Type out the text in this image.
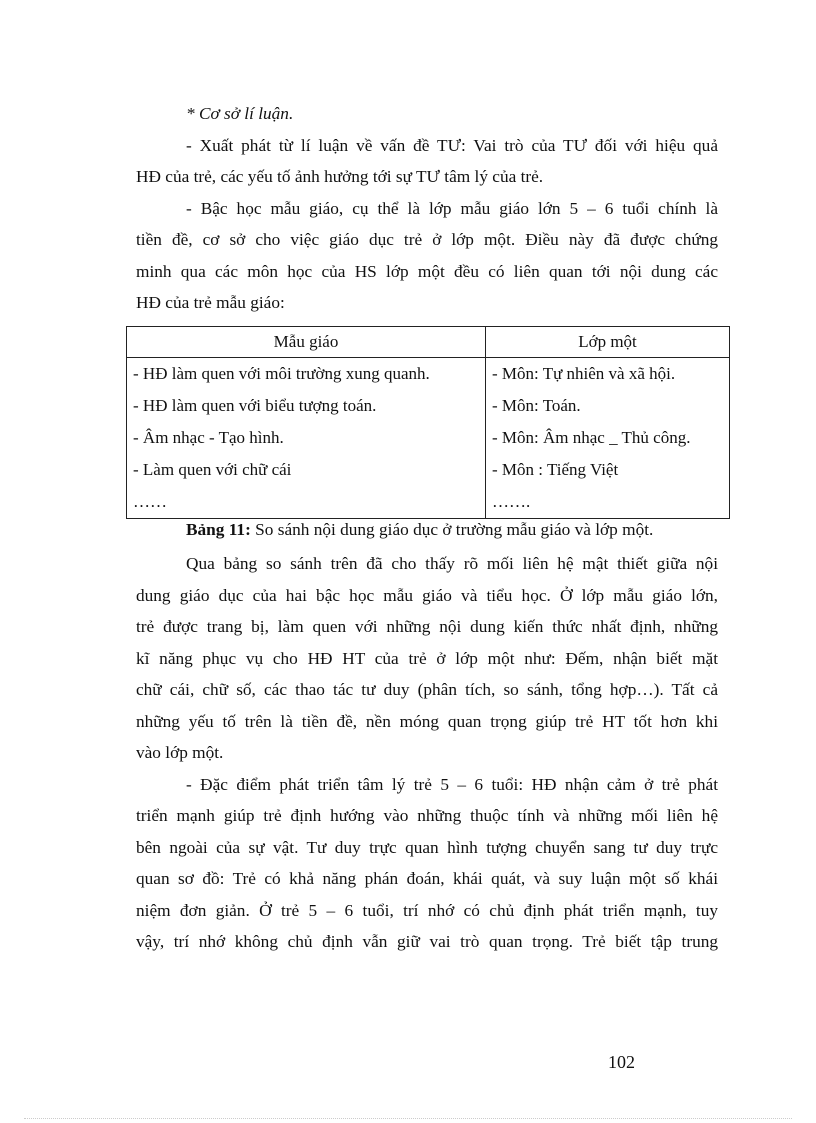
* Cơ sở lí luận.
- Xuất phát từ lí luận về vấn đề TƯ: Vai trò của TƯ đối với hiệu quả
HĐ của trẻ, các yếu tố ảnh hưởng tới sự TƯ tâm lý của trẻ.
- Bậc học mẫu giáo, cụ thể là lớp mẫu giáo lớn 5 – 6 tuổi chính là
tiền đề, cơ sở cho việc giáo dục trẻ ở lớp một. Điều này đã được chứng
minh qua các môn học của HS lớp một đều có liên quan tới nội dung các
HĐ của trẻ mẫu giáo:
Mẫu giáo	Lớp một
- HĐ làm quen với môi trường xung quanh.	- Môn: Tự nhiên và xã hội.
- HĐ làm quen với biểu tượng toán.	- Môn: Toán.
- Âm nhạc - Tạo hình.	- Môn: Âm nhạc _ Thủ công.
- Làm quen với chữ cái	- Môn : Tiếng Việt
……	…….
Bảng 11: So sánh nội dung giáo dục ở trường mẫu giáo và lớp một.
Qua bảng so sánh trên đã cho thấy rõ mối liên hệ mật thiết giữa nội
dung giáo dục của hai bậc học mẫu giáo và tiểu học. Ở lớp mẫu giáo lớn,
trẻ được trang bị, làm quen với những nội dung kiến thức nhất định, những
kĩ năng phục vụ cho HĐ HT của trẻ ở lớp một như: Đếm, nhận biết mặt
chữ cái, chữ số, các thao tác tư duy (phân tích, so sánh, tổng hợp…). Tất cả
những yếu tố trên là tiền đề, nền móng quan trọng giúp trẻ HT tốt hơn khi
vào lớp một.
- Đặc điểm phát triển tâm lý trẻ 5 – 6 tuổi: HĐ nhận cảm ở trẻ phát
triển mạnh giúp trẻ định hướng vào những thuộc tính và những mối liên hệ
bên ngoài của sự vật. Tư duy trực quan hình tượng chuyển sang tư duy trực
quan sơ đồ: Trẻ có khả năng phán đoán, khái quát, và suy luận một số khái
niệm đơn giản. Ở trẻ 5 – 6 tuổi, trí nhớ có chủ định phát triển mạnh, tuy
vậy, trí nhớ không chủ định vẫn giữ vai trò quan trọng. Trẻ biết tập trung
102
